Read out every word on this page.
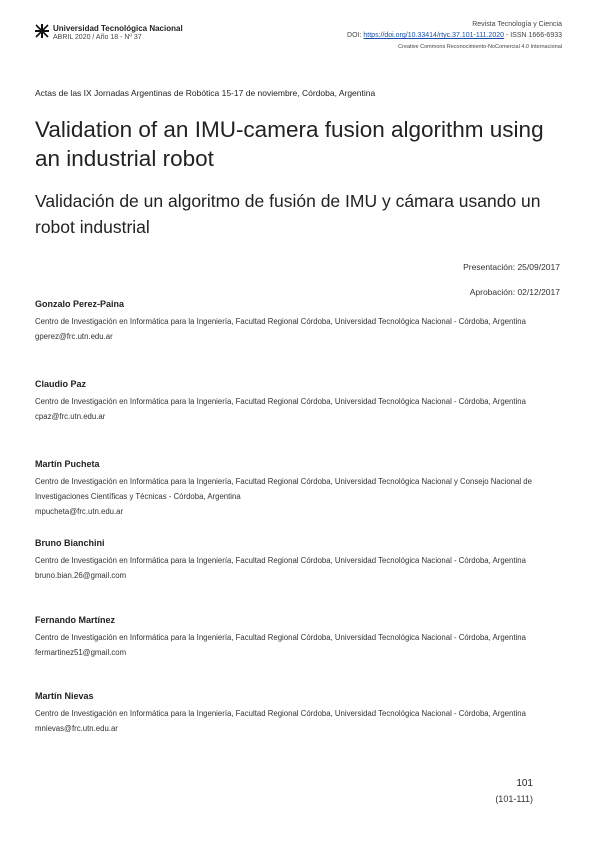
Universidad Tecnológica Nacional
ABRIL 2020 / Año 18 - Nº 37
Revista Tecnología y Ciencia
DOI: https://doi.org/10.33414/rtyc.37.101-111.2020 - ISSN 1666-6933
Creative Commons Reconocimiento-NoComercial 4.0 Internacional
Actas de las IX Jornadas Argentinas de Robótica 15-17 de noviembre, Córdoba, Argentina
Validation of an IMU-camera fusion algorithm using an industrial robot
Validación de un algoritmo de fusión de IMU y cámara usando un robot industrial
Presentación: 25/09/2017
Aprobación: 02/12/2017
Gonzalo Perez-Paina
Centro de Investigación en Informática para la Ingeniería, Facultad Regional Córdoba, Universidad Tecnológica Nacional - Córdoba, Argentina
gperez@frc.utn.edu.ar
Claudio Paz
Centro de Investigación en Informática para la Ingeniería, Facultad Regional Córdoba, Universidad Tecnológica Nacional - Córdoba, Argentina
cpaz@frc.utn.edu.ar
Martín Pucheta
Centro de Investigación en Informática para la Ingeniería, Facultad Regional Córdoba, Universidad Tecnológica Nacional y Consejo Nacional de Investigaciones Científicas y Técnicas - Córdoba, Argentina
mpucheta@frc.utn.edu.ar
Bruno Bianchini
Centro de Investigación en Informática para la Ingeniería, Facultad Regional Córdoba, Universidad Tecnológica Nacional - Córdoba, Argentina
bruno.bian.26@gmail.com
Fernando Martínez
Centro de Investigación en Informática para la Ingeniería, Facultad Regional Córdoba, Universidad Tecnológica Nacional - Córdoba, Argentina
fermartinez51@gmail.com
Martín Nievas
Centro de Investigación en Informática para la Ingeniería, Facultad Regional Córdoba, Universidad Tecnológica Nacional - Córdoba, Argentina
mnievas@frc.utn.edu.ar
101
(101-111)
